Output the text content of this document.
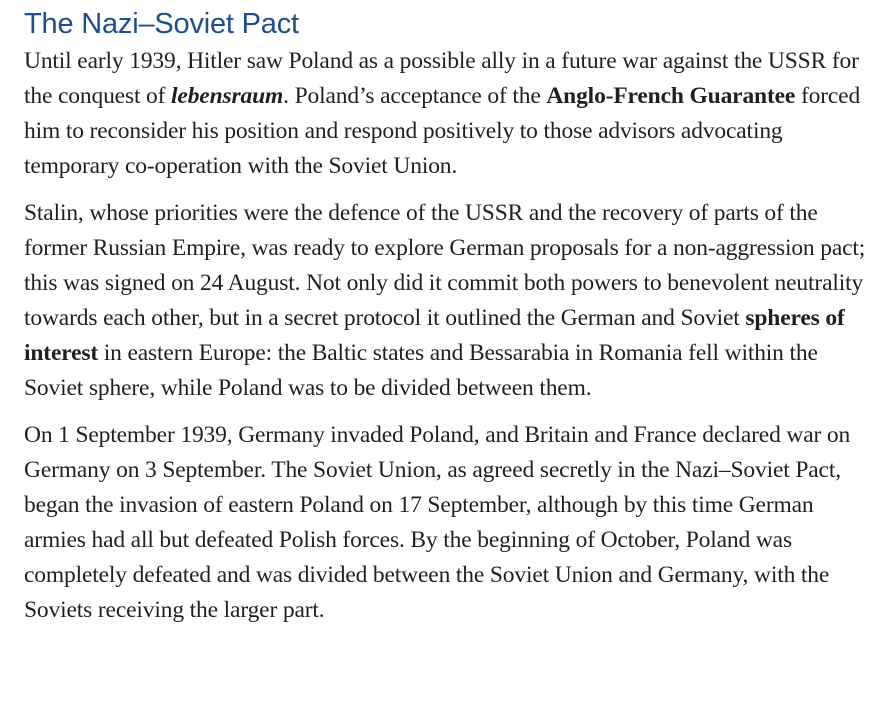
The Nazi–Soviet Pact

Until early 1939, Hitler saw Poland as a possible ally in a future war against the USSR for the conquest of lebensraum. Poland’s acceptance of the Anglo-French Guarantee forced him to reconsider his position and respond positively to those advisors advocating temporary co-operation with the Soviet Union.

Stalin, whose priorities were the defence of the USSR and the recovery of parts of the former Russian Empire, was ready to explore German proposals for a non-aggression pact; this was signed on 24 August. Not only did it commit both powers to benevolent neutrality towards each other, but in a secret protocol it outlined the German and Soviet spheres of interest in eastern Europe: the Baltic states and Bessarabia in Romania fell within the Soviet sphere, while Poland was to be divided between them.

On 1 September 1939, Germany invaded Poland, and Britain and France declared war on Germany on 3 September. The Soviet Union, as agreed secretly in the Nazi–Soviet Pact, began the invasion of eastern Poland on 17 September, although by this time German armies had all but defeated Polish forces. By the beginning of October, Poland was completely defeated and was divided between the Soviet Union and Germany, with the Soviets receiving the larger part.
